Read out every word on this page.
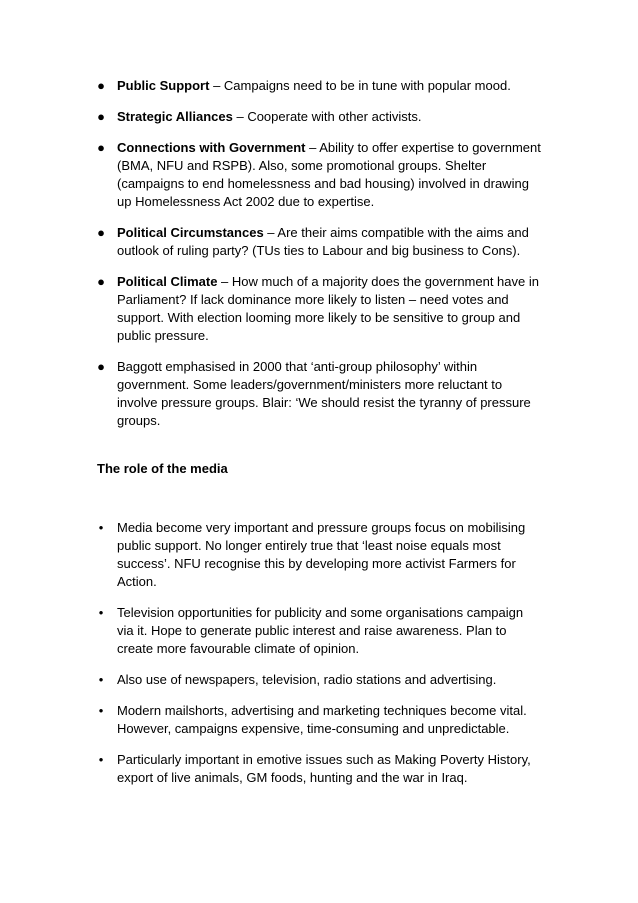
● Public Support – Campaigns need to be in tune with popular mood.
● Strategic Alliances – Cooperate with other activists.
● Connections with Government – Ability to offer expertise to government (BMA, NFU and RSPB). Also, some promotional groups. Shelter (campaigns to end homelessness and bad housing) involved in drawing up Homelessness Act 2002 due to expertise.
● Political Circumstances – Are their aims compatible with the aims and outlook of ruling party? (TUs ties to Labour and big business to Cons).
● Political Climate – How much of a majority does the government have in Parliament? If lack dominance more likely to listen – need votes and support. With election looming more likely to be sensitive to group and public pressure.
● Baggott emphasised in 2000 that ‘anti-group philosophy’ within government. Some leaders/government/ministers more reluctant to involve pressure groups. Blair: ‘We should resist the tyranny of pressure groups.
The role of the media
• Media become very important and pressure groups focus on mobilising public support. No longer entirely true that ‘least noise equals most success’. NFU recognise this by developing more activist Farmers for Action.
• Television opportunities for publicity and some organisations campaign via it. Hope to generate public interest and raise awareness. Plan to create more favourable climate of opinion.
• Also use of newspapers, television, radio stations and advertising.
• Modern mailshorts, advertising and marketing techniques become vital. However, campaigns expensive, time-consuming and unpredictable.
• Particularly important in emotive issues such as Making Poverty History, export of live animals, GM foods, hunting and the war in Iraq.
